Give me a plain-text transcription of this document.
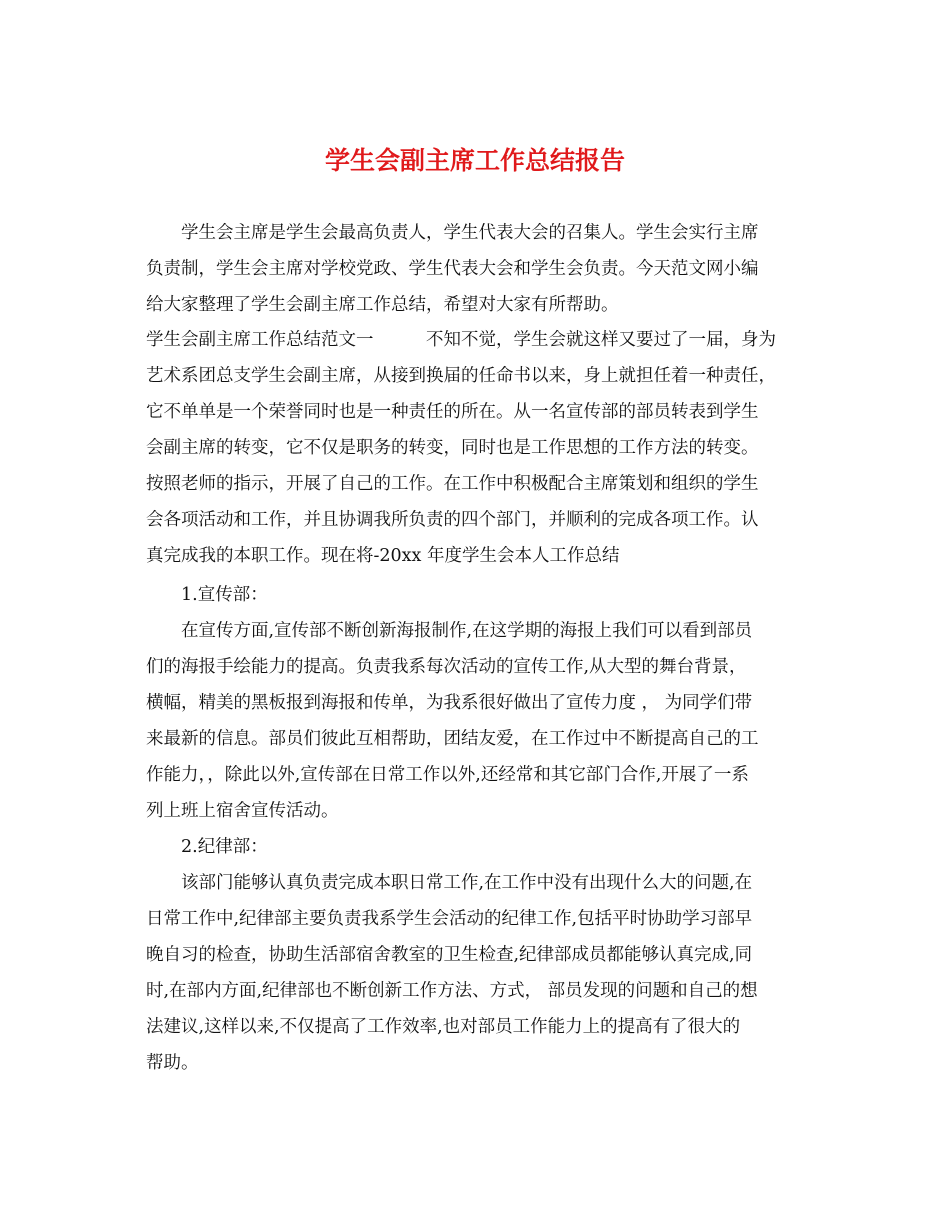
学生会副主席工作总结报告

　　学生会主席是学生会最高负责人，学生代表大会的召集人。学生会实行主席

负责制，学生会主席对学校党政、学生代表大会和学生会负责。今天范文网小编

给大家整理了学生会副主席工作总结，希望对大家有所帮助。

学生会副主席工作总结范文一　　　不知不觉，学生会就这样又要过了一届，身为

艺术系团总支学生会副主席，从接到换届的任命书以来，身上就担任着一种责任，

它不单单是一个荣誉同时也是一种责任的所在。从一名宣传部的部员转表到学生

会副主席的转变，它不仅是职务的转变，同时也是工作思想的工作方法的转变。

按照老师的指示，开展了自己的工作。在工作中积极配合主席策划和组织的学生

会各项活动和工作，并且协调我所负责的四个部门，并顺利的完成各项工作。认

真完成我的本职工作。现在将-20xx 年度学生会本人工作总结

　　1.宣传部：

　　在宣传方面,宣传部不断创新海报制作,在这学期的海报上我们可以看到部员

们的海报手绘能力的提高。负责我系每次活动的宣传工作,从大型的舞台背景，

横幅，精美的黑板报到海报和传单，为我系很好做出了宣传力度 ， 为同学们带

来最新的信息。部员们彼此互相帮助，团结友爱，在工作过中不断提高自己的工

作能力，，除此以外,宣传部在日常工作以外,还经常和其它部门合作,开展了一系

列上班上宿舍宣传活动。

　　2.纪律部：

　　该部门能够认真负责完成本职日常工作,在工作中没有出现什么大的问题,在

日常工作中,纪律部主要负责我系学生会活动的纪律工作,包括平时协助学习部早

晚自习的检查，协助生活部宿舍教室的卫生检查,纪律部成员都能够认真完成,同

时,在部内方面,纪律部也不断创新工作方法、方式， 部员发现的问题和自己的想

法建议,这样以来,不仅提高了工作效率,也对部员工作能力上的提高有了很大的

帮助。
